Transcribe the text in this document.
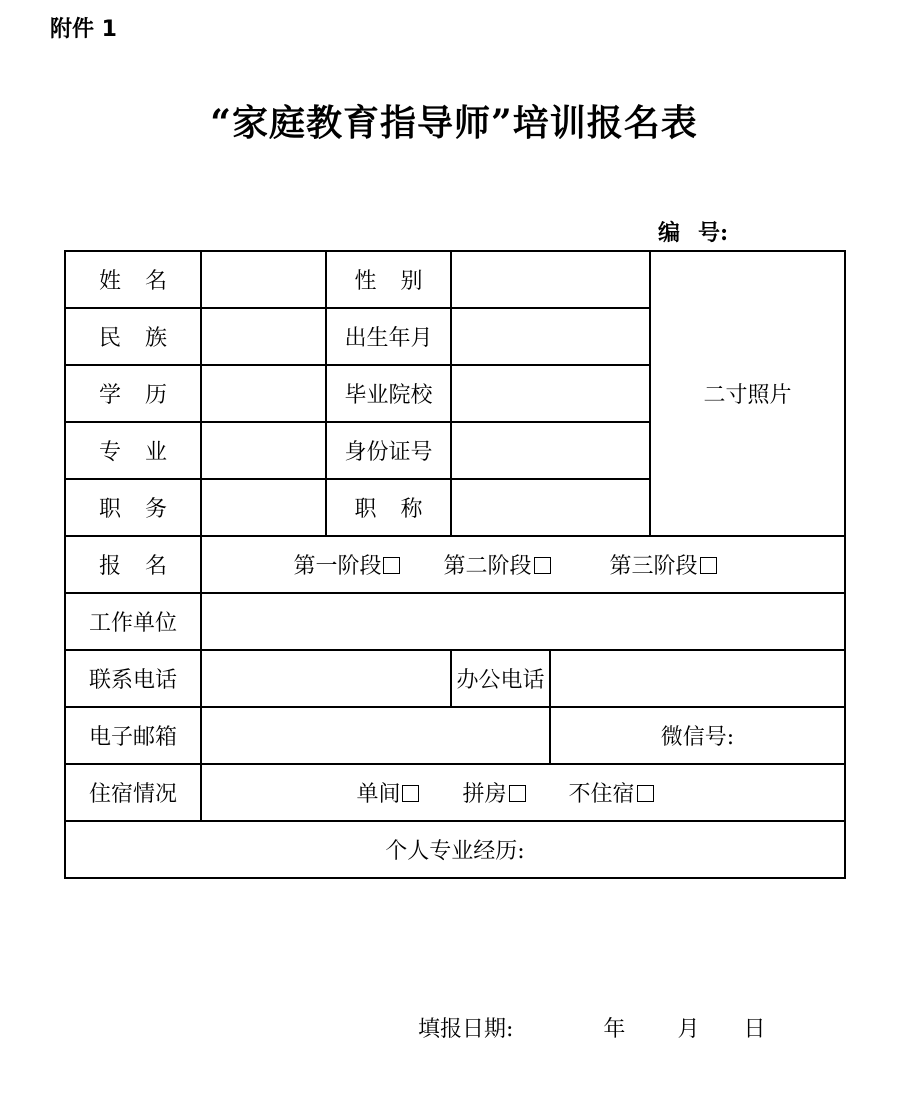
附件 1
“家庭教育指导师”培训报名表
编 号:
姓 名		性 别			二寸照片
民 族		出生年月			
学 历		毕业院校			
专 业		身份证号			
职 务		职 称			
报 名	第一阶段 第二阶段 第三阶段				
工作单位					
联系电话			办公电话		
电子邮箱				微信号:	
住宿情况	单间 拼房 不住宿				
个人专业经历:					
填报日期:	年 月 日
